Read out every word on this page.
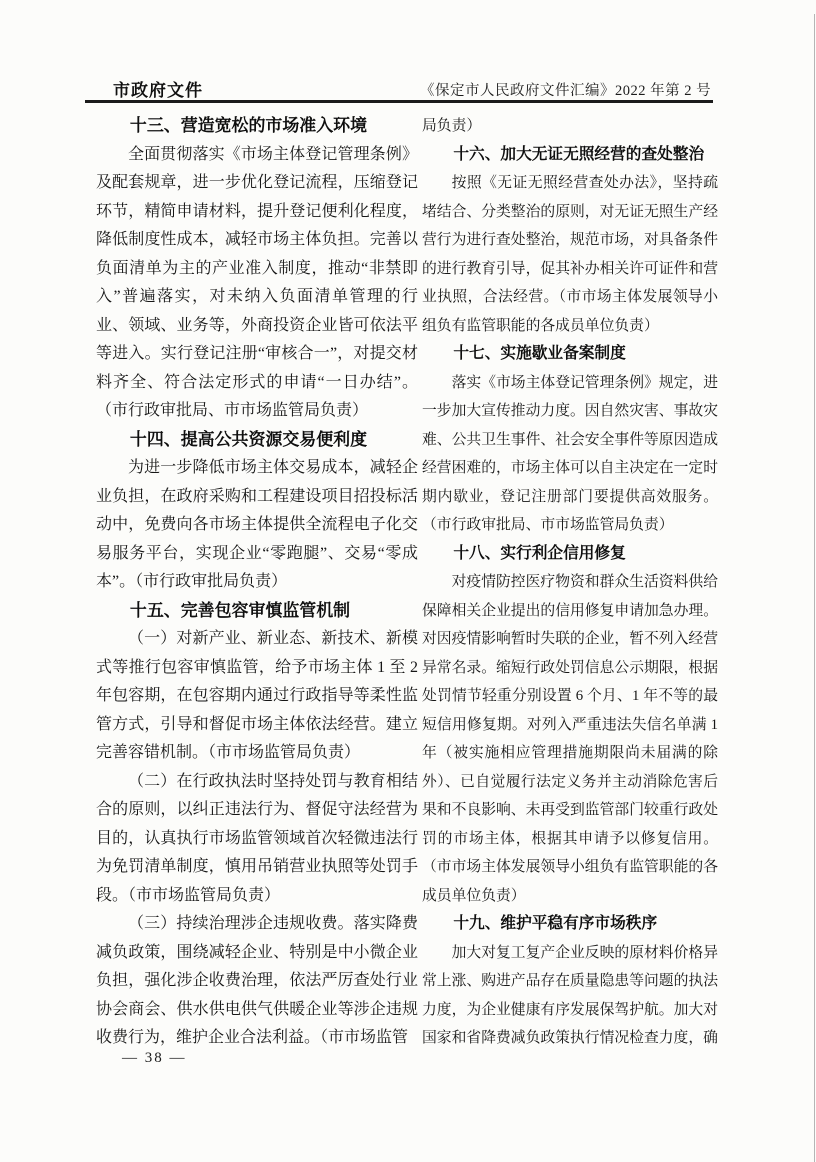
市政府文件	《保定市人民政府文件汇编》2022 年第 2 号
十三、营造宽松的市场准入环境
全面贯彻落实《市场主体登记管理条例》及配套规章，进一步优化登记流程，压缩登记环节，精简申请材料，提升登记便利化程度，降低制度性成本，减轻市场主体负担。完善以负面清单为主的产业准入制度，推动“非禁即入”普遍落实，对未纳入负面清单管理的行业、领域、业务等，外商投资企业皆可依法平等进入。实行登记注册“审核合一”，对提交材料齐全、符合法定形式的申请“一日办结”。（市行政审批局、市市场监管局负责）
十四、提高公共资源交易便利度
为进一步降低市场主体交易成本，减轻企业负担，在政府采购和工程建设项目招投标活动中，免费向各市场主体提供全流程电子化交易服务平台，实现企业“零跑腿”、交易“零成本”。（市行政审批局负责）
十五、完善包容审慎监管机制
（一）对新产业、新业态、新技术、新模式等推行包容审慎监管，给予市场主体 1 至 2 年包容期，在包容期内通过行政指导等柔性监管方式，引导和督促市场主体依法经营。建立完善容错机制。（市市场监管局负责）
（二）在行政执法时坚持处罚与教育相结合的原则，以纠正违法行为、督促守法经营为目的，认真执行市场监管领域首次轻微违法行为免罚清单制度，慎用吊销营业执照等处罚手段。（市市场监管局负责）
（三）持续治理涉企违规收费。落实降费减负政策，围绕减轻企业、特别是中小微企业负担，强化涉企收费治理，依法严厉查处行业协会商会、供水供电供气供暖企业等涉企违规收费行为，维护企业合法利益。（市市场监管
局负责）
十六、加大无证无照经营的查处整治
按照《无证无照经营查处办法》，坚持疏堵结合、分类整治的原则，对无证无照生产经营行为进行查处整治，规范市场，对具备条件的进行教育引导，促其补办相关许可证件和营业执照，合法经营。（市市场主体发展领导小组负有监管职能的各成员单位负责）
十七、实施歇业备案制度
落实《市场主体登记管理条例》规定，进一步加大宣传推动力度。因自然灾害、事故灾难、公共卫生事件、社会安全事件等原因造成经营困难的，市场主体可以自主决定在一定时期内歇业，登记注册部门要提供高效服务。（市行政审批局、市市场监管局负责）
十八、实行利企信用修复
对疫情防控医疗物资和群众生活资料供给保障相关企业提出的信用修复申请加急办理。对因疫情影响暂时失联的企业，暂不列入经营异常名录。缩短行政处罚信息公示期限，根据处罚情节轻重分别设置 6 个月、1 年不等的最短信用修复期。对列入严重违法失信名单满 1 年（被实施相应管理措施期限尚未届满的除外）、已自觉履行法定义务并主动消除危害后果和不良影响、未再受到监管部门较重行政处罚的市场主体，根据其申请予以修复信用。（市市场主体发展领导小组负有监管职能的各成员单位负责）
十九、维护平稳有序市场秩序
加大对复工复产企业反映的原材料价格异常上涨、购进产品存在质量隐患等问题的执法力度，为企业健康有序发展保驾护航。加大对国家和省降费减负政策执行情况检查力度，确
— 38 —
